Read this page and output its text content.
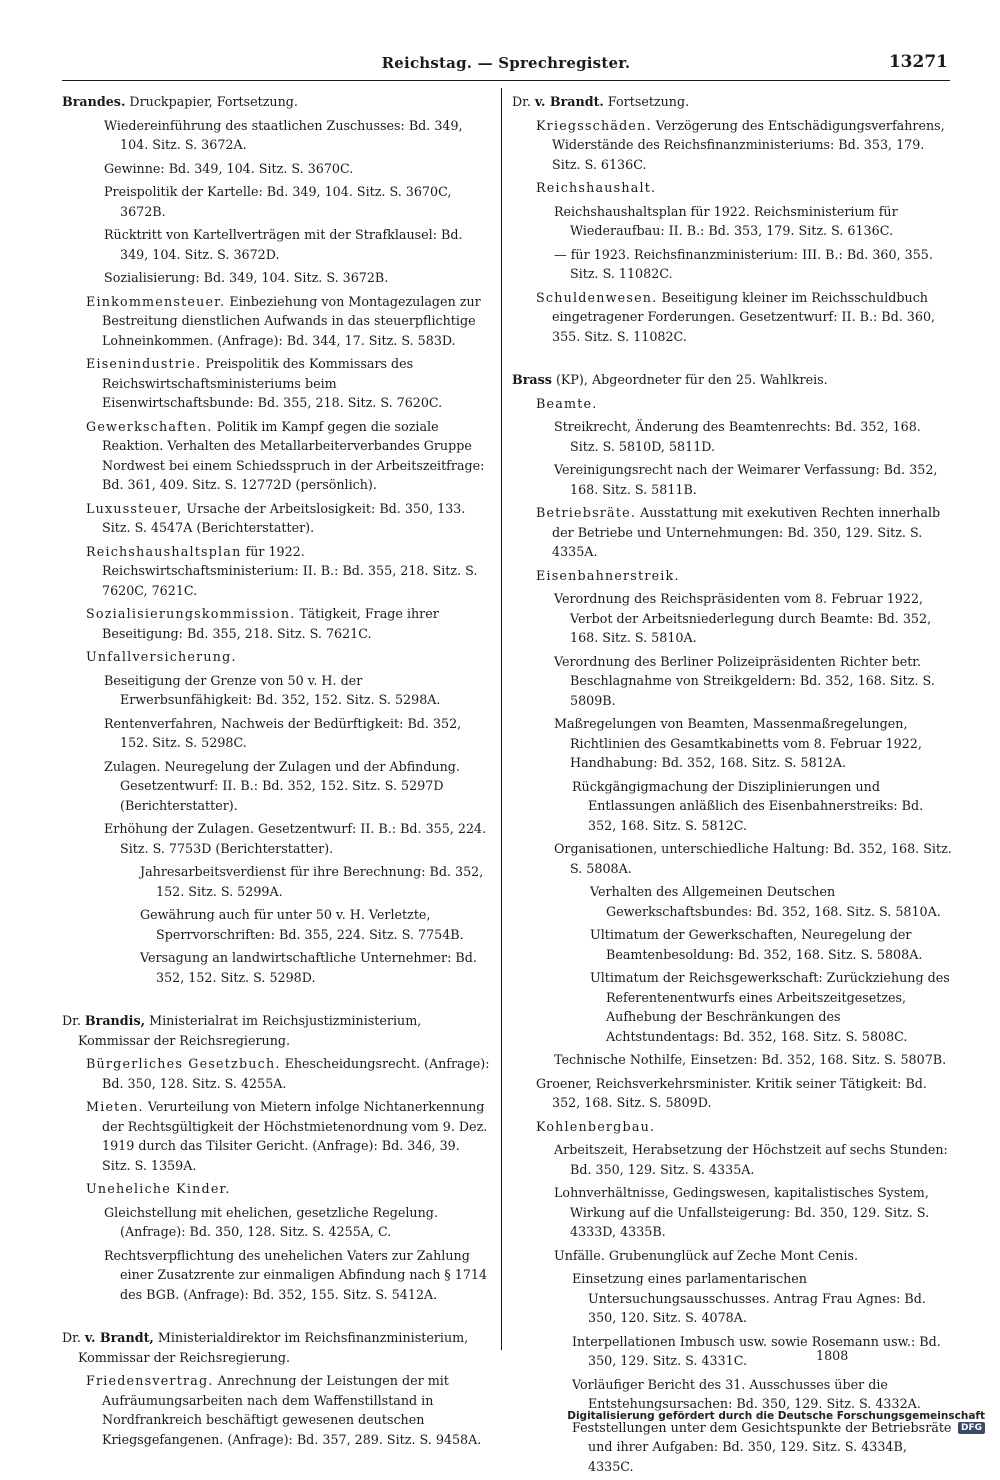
Reichstag. — Sprechregister.	13271
Brandes. Druckpapier, Fortsetzung.
Wiedereinführung des staatlichen Zuschusses: Bd. 349, 104. Sitz. S. 3672A.
Gewinne: Bd. 349, 104. Sitz. S. 3670C.
Preispolitik der Kartelle: Bd. 349, 104. Sitz. S. 3670C, 3672B.
Rücktritt von Kartellverträgen mit der Strafklausel: Bd. 349, 104. Sitz. S. 3672D.
Sozialisierung: Bd. 349, 104. Sitz. S. 3672B.
Einkommensteuer. Einbeziehung von Montagezulagen zur Bestreitung dienstlichen Aufwands in das steuerpflichtige Lohneinkommen. (Anfrage): Bd. 344, 17. Sitz. S. 583D.
Eisenindustrie. Preispolitik des Kommissars des Reichswirtschaftsministeriums beim Eisenwirtschaftsbunde: Bd. 355, 218. Sitz. S. 7620C.
Gewerkschaften. Politik im Kampf gegen die soziale Reaktion. Verhalten des Metallarbeiterverbandes Gruppe Nordwest bei einem Schiedsspruch in der Arbeitszeitfrage: Bd. 361, 409. Sitz. S. 12772D (persönlich).
Luxussteuer, Ursache der Arbeitslosigkeit: Bd. 350, 133. Sitz. S. 4547A (Berichterstatter).
Reichshaushaltsplan für 1922. Reichswirtschaftsministerium: II. B.: Bd. 355, 218. Sitz. S. 7620C, 7621C.
Sozialisierungskommission. Tätigkeit, Frage ihrer Beseitigung: Bd. 355, 218. Sitz. S. 7621C.
Unfallversicherung.
Beseitigung der Grenze von 50 v. H. der Erwerbsunfähigkeit: Bd. 352, 152. Sitz. S. 5298A.
Rentenverfahren, Nachweis der Bedürftigkeit: Bd. 352, 152. Sitz. S. 5298C.
Zulagen. Neuregelung der Zulagen und der Abfindung. Gesetzentwurf: II. B.: Bd. 352, 152. Sitz. S. 5297D (Berichterstatter).
Erhöhung der Zulagen. Gesetzentwurf: II. B.: Bd. 355, 224. Sitz. S. 7753D (Berichterstatter).
Jahresarbeitsverdienst für ihre Berechnung: Bd. 352, 152. Sitz. S. 5299A.
Gewährung auch für unter 50 v. H. Verletzte, Sperrvorschriften: Bd. 355, 224. Sitz. S. 7754B.
Versagung an landwirtschaftliche Unternehmer: Bd. 352, 152. Sitz. S. 5298D.
Dr. Brandis, Ministerialrat im Reichsjustizministerium, Kommissar der Reichsregierung.
Bürgerliches Gesetzbuch. Ehescheidungsrecht. (Anfrage): Bd. 350, 128. Sitz. S. 4255A.
Mieten. Verurteilung von Mietern infolge Nichtanerkennung der Rechtsgültigkeit der Höchstmietenordnung vom 9. Dez. 1919 durch das Tilsiter Gericht. (Anfrage): Bd. 346, 39. Sitz. S. 1359A.
Uneheliche Kinder.
Gleichstellung mit ehelichen, gesetzliche Regelung. (Anfrage): Bd. 350, 128. Sitz. S. 4255A, C.
Rechtsverpflichtung des unehelichen Vaters zur Zahlung einer Zusatzrente zur einmaligen Abfindung nach § 1714 des BGB. (Anfrage): Bd. 352, 155. Sitz. S. 5412A.
Dr. v. Brandt, Ministerialdirektor im Reichsfinanzministerium, Kommissar der Reichsregierung.
Friedensvertrag. Anrechnung der Leistungen der mit Aufräumungsarbeiten nach dem Waffenstillstand in Nordfrankreich beschäftigt gewesenen deutschen Kriegsgefangenen. (Anfrage): Bd. 357, 289. Sitz. S. 9458A.
Dr. v. Brandt. Fortsetzung.
Kriegsschäden. Verzögerung des Entschädigungsverfahrens, Widerstände des Reichsfinanzministeriums: Bd. 353, 179. Sitz. S. 6136C.
Reichshaushalt.
Reichshaushaltsplan für 1922. Reichsministerium für Wiederaufbau: II. B.: Bd. 353, 179. Sitz. S. 6136C.
— für 1923. Reichsfinanzministerium: III. B.: Bd. 360, 355. Sitz. S. 11082C.
Schuldenwesen. Beseitigung kleiner im Reichsschuldbuch eingetragener Forderungen. Gesetzentwurf: II. B.: Bd. 360, 355. Sitz. S. 11082C.
Brass (KP), Abgeordneter für den 25. Wahlkreis.
Beamte.
Streikrecht, Änderung des Beamtenrechts: Bd. 352, 168. Sitz. S. 5810D, 5811D.
Vereinigungsrecht nach der Weimarer Verfassung: Bd. 352, 168. Sitz. S. 5811B.
Betriebsräte. Ausstattung mit exekutiven Rechten innerhalb der Betriebe und Unternehmungen: Bd. 350, 129. Sitz. S. 4335A.
Eisenbahnerstreik.
Verordnung des Reichspräsidenten vom 8. Februar 1922, Verbot der Arbeitsniederlegung durch Beamte: Bd. 352, 168. Sitz. S. 5810A.
Verordnung des Berliner Polizeipräsidenten Richter betr. Beschlagnahme von Streikgeldern: Bd. 352, 168. Sitz. S. 5809B.
Maßregelungen von Beamten, Massenmaßregelungen, Richtlinien des Gesamtkabinetts vom 8. Februar 1922, Handhabung: Bd. 352, 168. Sitz. S. 5812A.
Rückgängigmachung der Disziplinierungen und Entlassungen anläßlich des Eisenbahnerstreiks: Bd. 352, 168. Sitz. S. 5812C.
Organisationen, unterschiedliche Haltung: Bd. 352, 168. Sitz. S. 5808A.
Verhalten des Allgemeinen Deutschen Gewerkschaftsbundes: Bd. 352, 168. Sitz. S. 5810A.
Ultimatum der Gewerkschaften, Neuregelung der Beamtenbesoldung: Bd. 352, 168. Sitz. S. 5808A.
Ultimatum der Reichsgewerkschaft: Zurückziehung des Referentenentwurfs eines Arbeitszeitgesetzes, Aufhebung der Beschränkungen des Achtstundentags: Bd. 352, 168. Sitz. S. 5808C.
Technische Nothilfe, Einsetzen: Bd. 352, 168. Sitz. S. 5807B.
Groener, Reichsverkehrsminister. Kritik seiner Tätigkeit: Bd. 352, 168. Sitz. S. 5809D.
Kohlenbergbau.
Arbeitszeit, Herabsetzung der Höchstzeit auf sechs Stunden: Bd. 350, 129. Sitz. S. 4335A.
Lohnverhältnisse, Gedingswesen, kapitalistisches System, Wirkung auf die Unfallsteigerung: Bd. 350, 129. Sitz. S. 4333D, 4335B.
Unfälle. Grubenunglück auf Zeche Mont Cenis.
Einsetzung eines parlamentarischen Untersuchungsausschusses. Antrag Frau Agnes: Bd. 350, 120. Sitz. S. 4078A.
Interpellationen Imbusch usw. sowie Rosemann usw.: Bd. 350, 129. Sitz. S. 4331C.
Vorläufiger Bericht des 31. Ausschusses über die Entstehungsursachen: Bd. 350, 129. Sitz. S. 4332A.
Feststellungen unter dem Gesichtspunkte der Betriebsräte und ihrer Aufgaben: Bd. 350, 129. Sitz. S. 4334B, 4335C.
1808
Digitalisierung gefördert durch die Deutsche Forschungsgemeinschaft DFG
